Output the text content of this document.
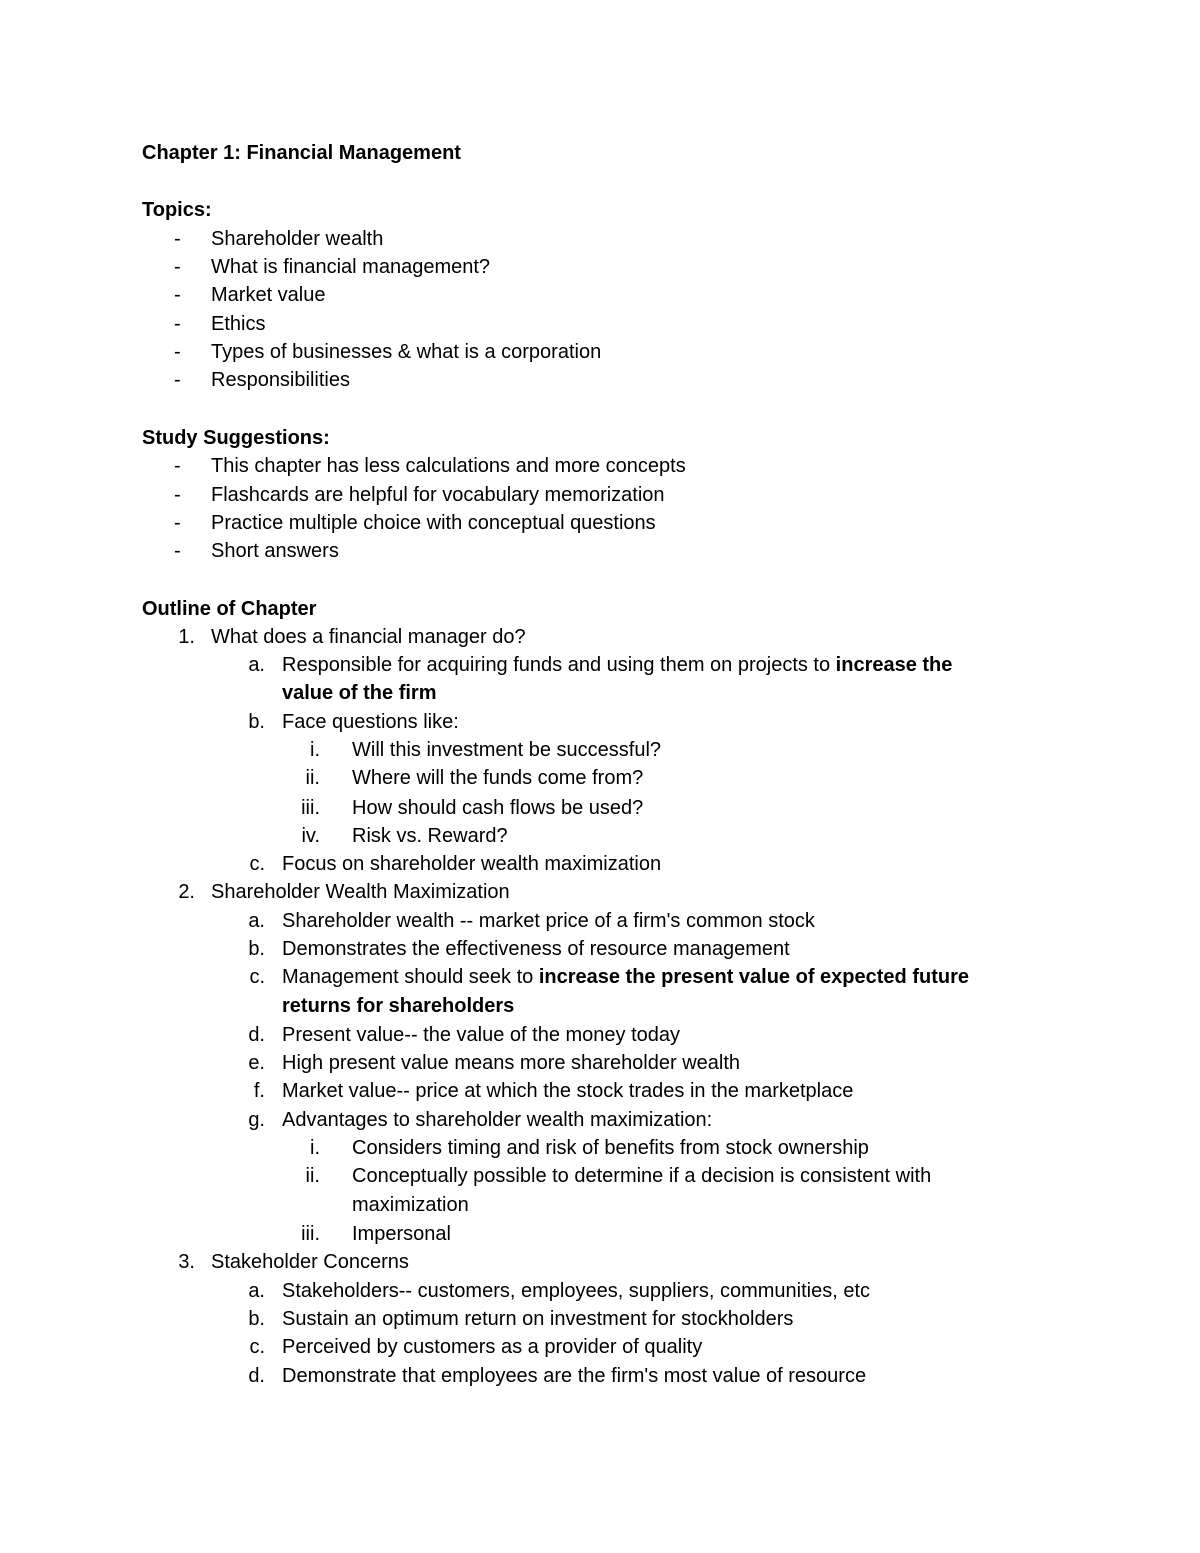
Chapter 1: Financial Management
Topics:
- Shareholder wealth
- What is financial management?
- Market value
- Ethics
- Types of businesses & what is a corporation
- Responsibilities
Study Suggestions:
- This chapter has less calculations and more concepts
- Flashcards are helpful for vocabulary memorization
- Practice multiple choice with conceptual questions
- Short answers
Outline of Chapter
1. What does a financial manager do?
a. Responsible for acquiring funds and using them on projects to increase the
value of the firm
b. Face questions like:
i. Will this investment be successful?
ii. Where will the funds come from?
iii. How should cash flows be used?
iv. Risk vs. Reward?
c. Focus on shareholder wealth maximization
2. Shareholder Wealth Maximization
a. Shareholder wealth -- market price of a firm's common stock
b. Demonstrates the effectiveness of resource management
c. Management should seek to increase the present value of expected future
returns for shareholders
d. Present value-- the value of the money today
e. High present value means more shareholder wealth
f. Market value-- price at which the stock trades in the marketplace
g. Advantages to shareholder wealth maximization:
i. Considers timing and risk of benefits from stock ownership
ii. Conceptually possible to determine if a decision is consistent with
maximization
iii. Impersonal
3. Stakeholder Concerns
a. Stakeholders-- customers, employees, suppliers, communities, etc
b. Sustain an optimum return on investment for stockholders
c. Perceived by customers as a provider of quality
d. Demonstrate that employees are the firm's most value of resource
